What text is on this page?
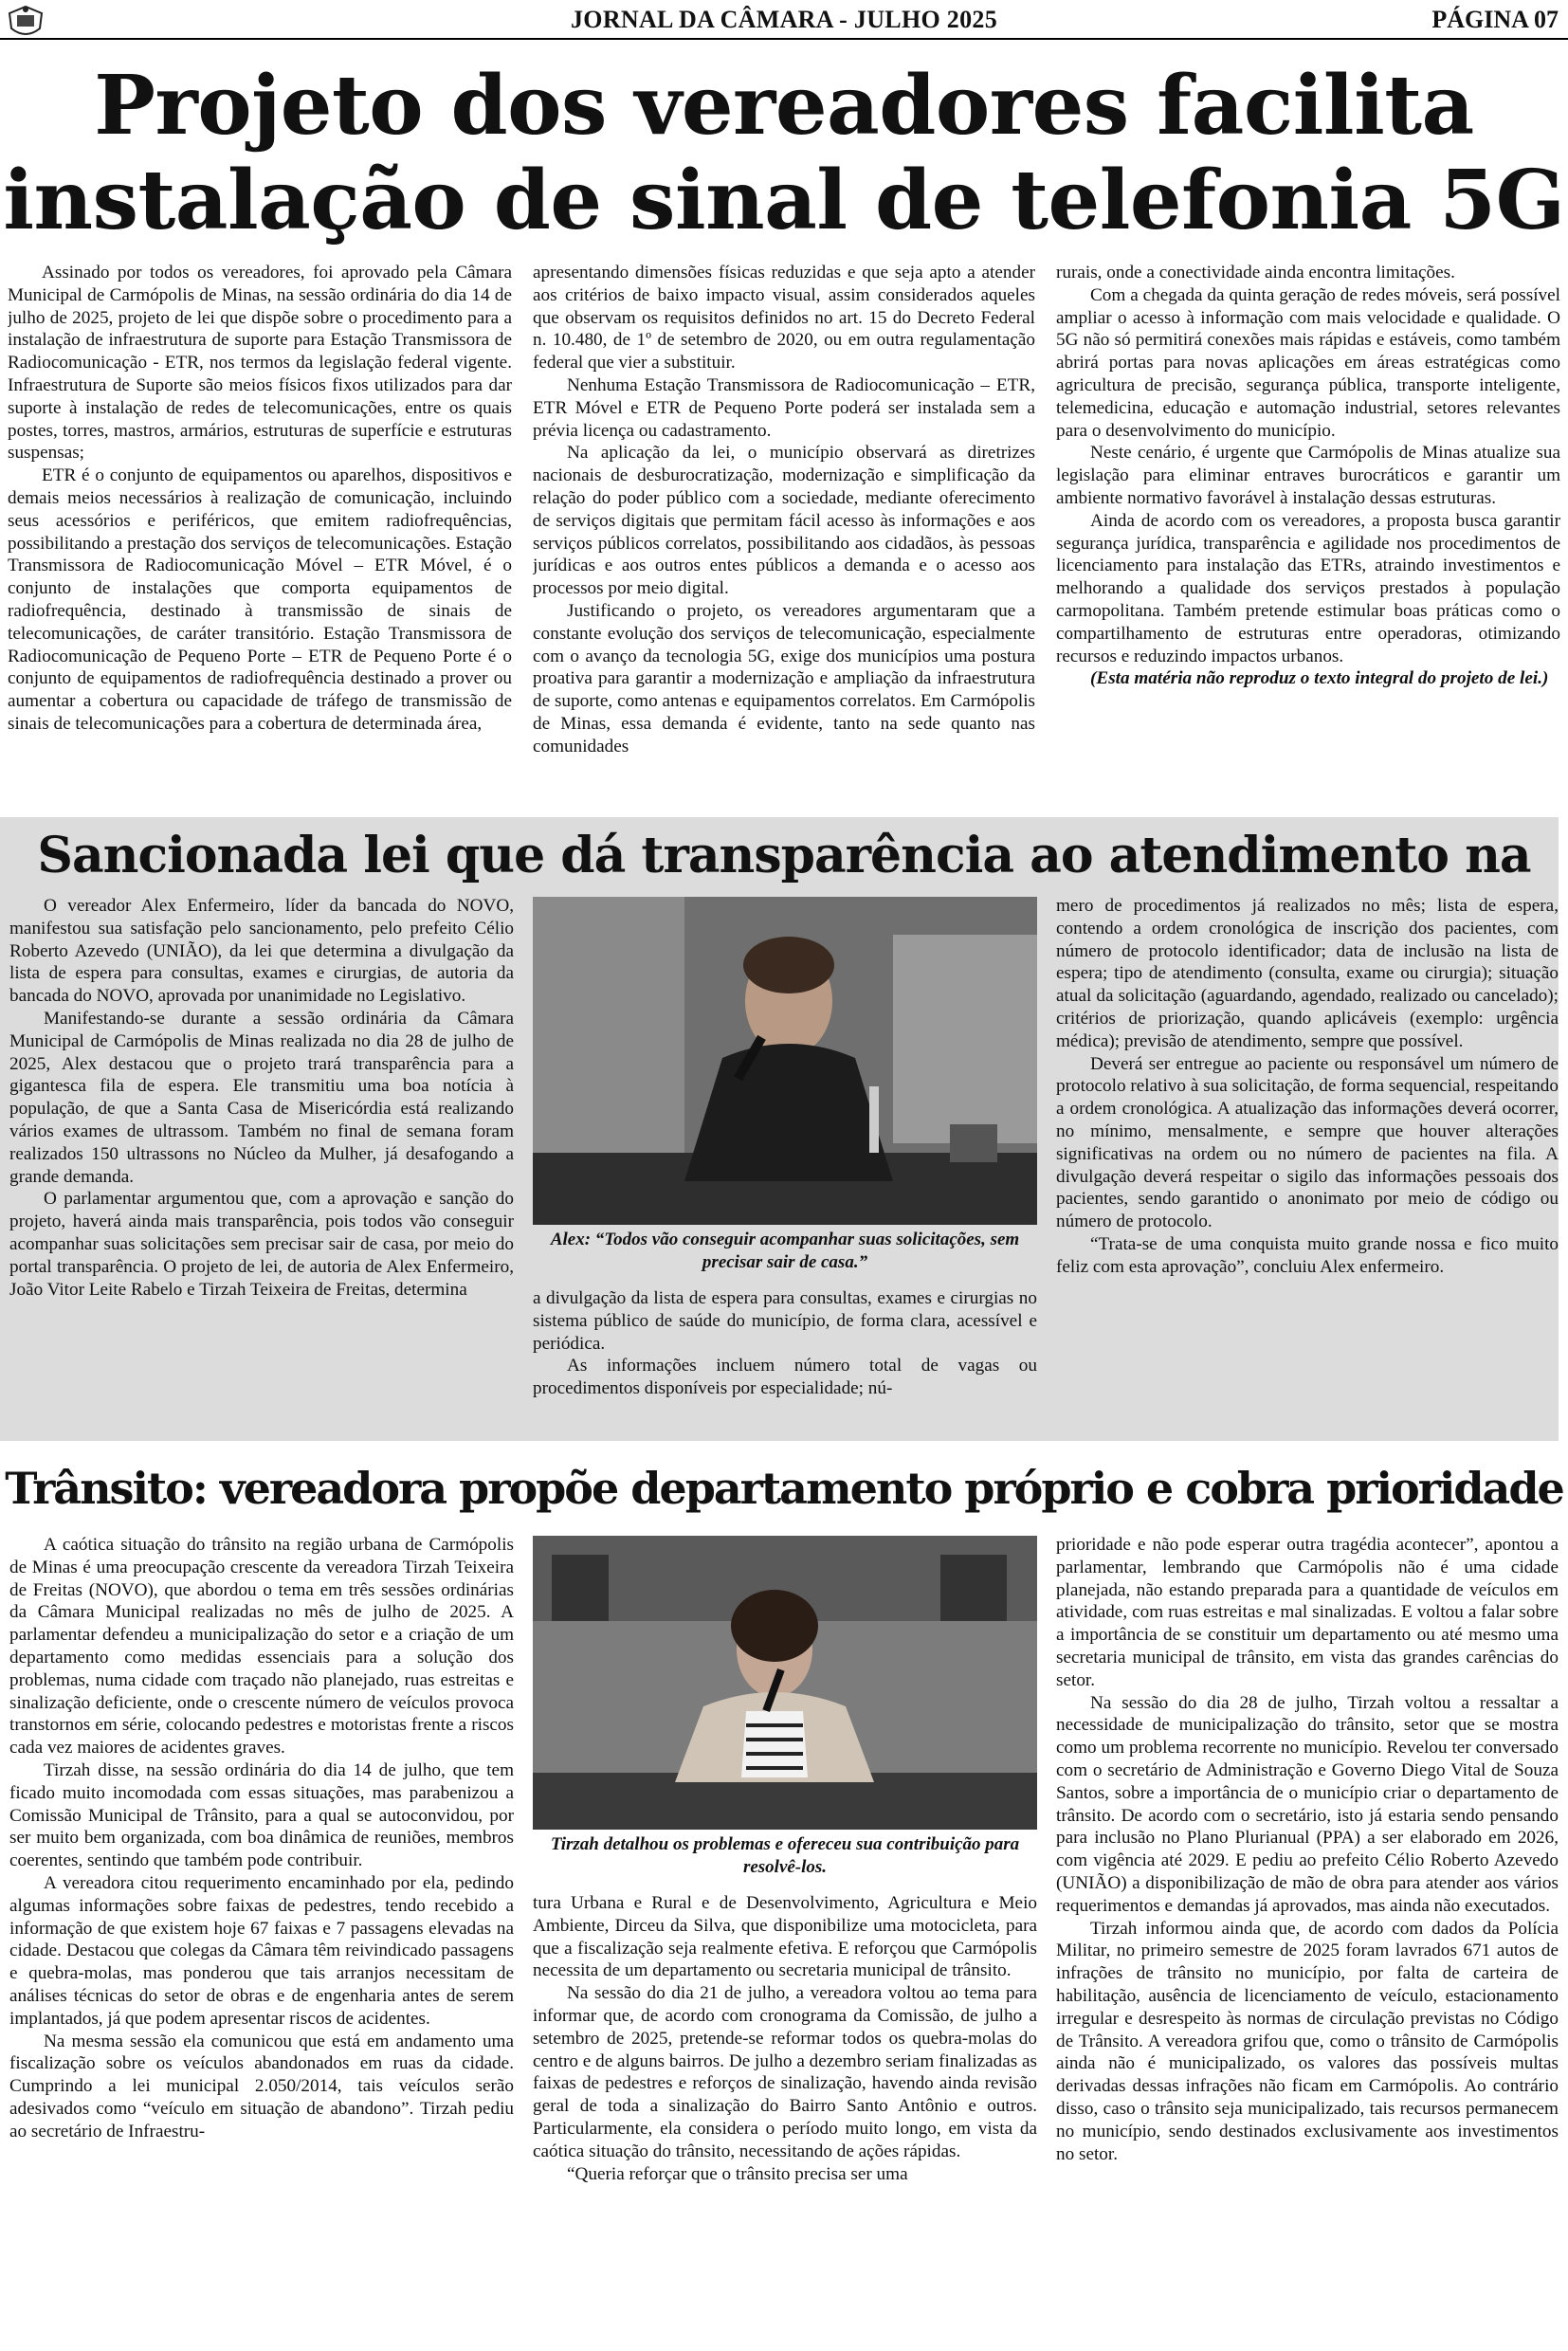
JORNAL DA CÂMARA - JULHO 2025	PÁGINA 07
Projeto dos vereadores facilita
instalação de sinal de telefonia 5G

Assinado por todos os vereadores, foi aprovado pela Câmara Municipal de Carmópolis de Minas, na sessão ordinária do dia 14 de julho de 2025, projeto de lei que dispõe sobre o procedimento para a instalação de infraestrutura de suporte para Estação Transmissora de Radiocomunicação - ETR, nos termos da legislação federal vigente. Infraestrutura de Suporte são meios físicos fixos utilizados para dar suporte à instalação de redes de telecomunicações, entre os quais postes, torres, mastros, armários, estruturas de superfície e estruturas suspensas;

ETR é o conjunto de equipamentos ou aparelhos, dispositivos e demais meios necessários à realização de comunicação, incluindo seus acessórios e periféricos, que emitem radiofrequências, possibilitando a prestação dos serviços de telecomunicações. Estação Transmissora de Radiocomunicação Móvel – ETR Móvel, é o conjunto de instalações que comporta equipamentos de radiofrequência, destinado à transmissão de sinais de telecomunicações, de caráter transitório. Estação Transmissora de Radiocomunicação de Pequeno Porte – ETR de Pequeno Porte é o conjunto de equipamentos de radiofrequência destinado a prover ou aumentar a cobertura ou capacidade de tráfego de transmissão de sinais de telecomunicações para a cobertura de determinada área,

apresentando dimensões físicas reduzidas e que seja apto a atender aos critérios de baixo impacto visual, assim considerados aqueles que observam os requisitos definidos no art. 15 do Decreto Federal n. 10.480, de 1º de setembro de 2020, ou em outra regulamentação federal que vier a substituir.

Nenhuma Estação Transmissora de Radiocomunicação – ETR, ETR Móvel e ETR de Pequeno Porte poderá ser instalada sem a prévia licença ou cadastramento.

Na aplicação da lei, o município observará as diretrizes nacionais de desburocratização, modernização e simplificação da relação do poder público com a sociedade, mediante oferecimento de serviços digitais que permitam fácil acesso às informações e aos serviços públicos correlatos, possibilitando aos cidadãos, às pessoas jurídicas e aos outros entes públicos a demanda e o acesso aos processos por meio digital.

Justificando o projeto, os vereadores argumentaram que a constante evolução dos serviços de telecomunicação, especialmente com o avanço da tecnologia 5G, exige dos municípios uma postura proativa para garantir a modernização e ampliação da infraestrutura de suporte, como antenas e equipamentos correlatos. Em Carmópolis de Minas, essa demanda é evidente, tanto na sede quanto nas comunidades

rurais, onde a conectividade ainda encontra limitações.

Com a chegada da quinta geração de redes móveis, será possível ampliar o acesso à informação com mais velocidade e qualidade. O 5G não só permitirá conexões mais rápidas e estáveis, como também abrirá portas para novas aplicações em áreas estratégicas como agricultura de precisão, segurança pública, transporte inteligente, telemedicina, educação e automação industrial, setores relevantes para o desenvolvimento do município.

Neste cenário, é urgente que Carmópolis de Minas atualize sua legislação para eliminar entraves burocráticos e garantir um ambiente normativo favorável à instalação dessas estruturas.

Ainda de acordo com os vereadores, a proposta busca garantir segurança jurídica, transparência e agilidade nos procedimentos de licenciamento para instalação das ETRs, atraindo investimentos e melhorando a qualidade dos serviços prestados à população carmopolitana. Também pretende estimular boas práticas como o compartilhamento de estruturas entre operadoras, otimizando recursos e reduzindo impactos urbanos.

(Esta matéria não reproduz o texto integral do projeto de lei.)

Sancionada lei que dá transparência ao atendimento na

O vereador Alex Enfermeiro, líder da bancada do NOVO, manifestou sua satisfação pelo sancionamento, pelo prefeito Célio Roberto Azevedo (UNIÃO), da lei que determina a divulgação da lista de espera para consultas, exames e cirurgias, de autoria da bancada do NOVO, aprovada por unanimidade no Legislativo.

Manifestando-se durante a sessão ordinária da Câmara Municipal de Carmópolis de Minas realizada no dia 28 de julho de 2025, Alex destacou que o projeto trará transparência para a gigantesca fila de espera. Ele transmitiu uma boa notícia à população, de que a Santa Casa de Misericórdia está realizando vários exames de ultrassom. Também no final de semana foram realizados 150 ultrassons no Núcleo da Mulher, já desafogando a grande demanda.

O parlamentar argumentou que, com a aprovação e sanção do projeto, haverá ainda mais transparência, pois todos vão conseguir acompanhar suas solicitações sem precisar sair de casa, por meio do portal transparência. O projeto de lei, de autoria de Alex Enfermeiro, João Vitor Leite Rabelo e Tirzah Teixeira de Freitas, determina

Alex: “Todos vão conseguir acompanhar suas solicitações, sem precisar sair de casa.”

a divulgação da lista de espera para consultas, exames e cirurgias no sistema público de saúde do município, de forma clara, acessível e periódica.

As informações incluem número total de vagas ou procedimentos disponíveis por especialidade; nú-

mero de procedimentos já realizados no mês; lista de espera, contendo a ordem cronológica de inscrição dos pacientes, com número de protocolo identificador; data de inclusão na lista de espera; tipo de atendimento (consulta, exame ou cirurgia); situação atual da solicitação (aguardando, agendado, realizado ou cancelado); critérios de priorização, quando aplicáveis (exemplo: urgência médica); previsão de atendimento, sempre que possível.

Deverá ser entregue ao paciente ou responsável um número de protocolo relativo à sua solicitação, de forma sequencial, respeitando a ordem cronológica. A atualização das informações deverá ocorrer, no mínimo, mensalmente, e sempre que houver alterações significativas na ordem ou no número de pacientes na fila. A divulgação deverá respeitar o sigilo das informações pessoais dos pacientes, sendo garantido o anonimato por meio de código ou número de protocolo.

“Trata-se de uma conquista muito grande nossa e fico muito feliz com esta aprovação”, concluiu Alex enfermeiro.

Trânsito: vereadora propõe departamento próprio e cobra prioridade

A caótica situação do trânsito na região urbana de Carmópolis de Minas é uma preocupação crescente da vereadora Tirzah Teixeira de Freitas (NOVO), que abordou o tema em três sessões ordinárias da Câmara Municipal realizadas no mês de julho de 2025. A parlamentar defendeu a municipalização do setor e a criação de um departamento como medidas essenciais para a solução dos problemas, numa cidade com traçado não planejado, ruas estreitas e sinalização deficiente, onde o crescente número de veículos provoca transtornos em série, colocando pedestres e motoristas frente a riscos cada vez maiores de acidentes graves.

Tirzah disse, na sessão ordinária do dia 14 de julho, que tem ficado muito incomodada com essas situações, mas parabenizou a Comissão Municipal de Trânsito, para a qual se autoconvidou, por ser muito bem organizada, com boa dinâmica de reuniões, membros coerentes, sentindo que também pode contribuir.

A vereadora citou requerimento encaminhado por ela, pedindo algumas informações sobre faixas de pedestres, tendo recebido a informação de que existem hoje 67 faixas e 7 passagens elevadas na cidade. Destacou que colegas da Câmara têm reivindicado passagens e quebra-molas, mas ponderou que tais arranjos necessitam de análises técnicas do setor de obras e de engenharia antes de serem implantados, já que podem apresentar riscos de acidentes.

Na mesma sessão ela comunicou que está em andamento uma fiscalização sobre os veículos abandonados em ruas da cidade. Cumprindo a lei municipal 2.050/2014, tais veículos serão adesivados como “veículo em situação de abandono”. Tirzah pediu ao secretário de Infraestru-

Tirzah detalhou os problemas e ofereceu sua contribuição para resolvê-los.

tura Urbana e Rural e de Desenvolvimento, Agricultura e Meio Ambiente, Dirceu da Silva, que disponibilize uma motocicleta, para que a fiscalização seja realmente efetiva. E reforçou que Carmópolis necessita de um departamento ou secretaria municipal de trânsito.

Na sessão do dia 21 de julho, a vereadora voltou ao tema para informar que, de acordo com cronograma da Comissão, de julho a setembro de 2025, pretende-se reformar todos os quebra-molas do centro e de alguns bairros. De julho a dezembro seriam finalizadas as faixas de pedestres e reforços de sinalização, havendo ainda revisão geral de toda a sinalização do Bairro Santo Antônio e outros. Particularmente, ela considera o período muito longo, em vista da caótica situação do trânsito, necessitando de ações rápidas.

“Queria reforçar que o trânsito precisa ser uma

prioridade e não pode esperar outra tragédia acontecer”, apontou a parlamentar, lembrando que Carmópolis não é uma cidade planejada, não estando preparada para a quantidade de veículos em atividade, com ruas estreitas e mal sinalizadas. E voltou a falar sobre a importância de se constituir um departamento ou até mesmo uma secretaria municipal de trânsito, em vista das grandes carências do setor.

Na sessão do dia 28 de julho, Tirzah voltou a ressaltar a necessidade de municipalização do trânsito, setor que se mostra como um problema recorrente no município. Revelou ter conversado com o secretário de Administração e Governo Diego Vital de Souza Santos, sobre a importância de o município criar o departamento de trânsito. De acordo com o secretário, isto já estaria sendo pensando para inclusão no Plano Plurianual (PPA) a ser elaborado em 2026, com vigência até 2029. E pediu ao prefeito Célio Roberto Azevedo (UNIÃO) a disponibilização de mão de obra para atender aos vários requerimentos e demandas já aprovados, mas ainda não executados.

Tirzah informou ainda que, de acordo com dados da Polícia Militar, no primeiro semestre de 2025 foram lavrados 671 autos de infrações de trânsito no município, por falta de carteira de habilitação, ausência de licenciamento de veículo, estacionamento irregular e desrespeito às normas de circulação previstas no Código de Trânsito. A vereadora grifou que, como o trânsito de Carmópolis ainda não é municipalizado, os valores das possíveis multas derivadas dessas infrações não ficam em Carmópolis. Ao contrário disso, caso o trânsito seja municipalizado, tais recursos permanecem no município, sendo destinados exclusivamente aos investimentos no setor.
